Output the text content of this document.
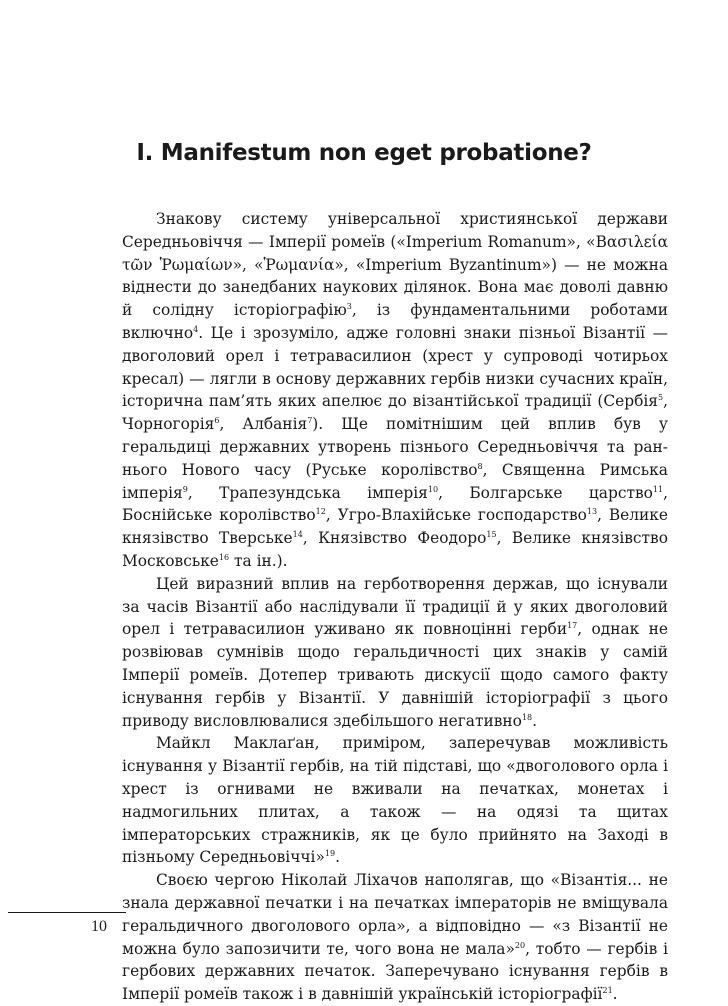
I. Manifestum non eget probatione?

Знакову систему універсальної християнської держави Середньовіччя — Імперії ромеїв («Imperium Romanum», «Βασιλεία τῶν Ῥωμαίων», «Ῥωμανία», «Imperium Byzantinum») — не можна віднести до занедбаних наукових ділянок. Вона має доволі давню й солідну історіографію$^3$, із фундаментальними роботами включно$^4$. Це і зрозуміло, адже головні знаки пізньої Візантії — двоголовий орел і тетравасилион (хрест у супроводі чотирьох кресал) — лягли в основу державних гербів низки сучасних країн, історична пам’ять яких апелює до візантійської традиції (Сербія$^5$, Чорногорія$^6$, Албанія$^7$). Ще помітнішим цей вплив був у геральдиці державних утворень пізнього Середньовіччя та раннього Нового часу (Руське королівство$^8$, Священна Римська імперія$^9$, Трапезундська імперія$^{10}$, Болгарське царство$^{11}$, Боснійське королівство$^{12}$, Угро-Влахійське господарство$^{13}$, Велике князівство Тверське$^{14}$, Князівство Феодоро$^{15}$, Велике князівство Московське$^{16}$ та ін.).

Цей виразний вплив на герботворення держав, що існували за часів Візантії або наслідували її традиції й у яких двоголовий орел і тетравасилион уживано як повноцінні герби$^{17}$, однак не розвіював сумнівів щодо геральдичності цих знаків у самій Імперії ромеїв. Дотепер тривають дискусії щодо самого факту існування гербів у Візантії. У давнішій історіографії з цього приводу висловлювалися здебільшого негативно$^{18}$.

Майкл Маклаґан, приміром, заперечував можливість існування у Візантії гербів, на тій підставі, що «двоголового орла і хрест із огнивами не вживали на печатках, монетах і надмогильних плитах, а також — на одязі та щитах імператорських стражників, як це було прийнято на Заході в пізньому Середньовіччі»$^{19}$.

Своєю чергою Ніколай Ліхачов наполягав, що «Візантія... не знала державної печатки і на печатках імператорів не вміщувала геральдичного двоголового орла», а відповідно — «з Візантії не можна було запозичити те, чого вона не мала»$^{20}$, тобто — гербів і гербових державних печаток. Заперечувано існування гербів в Імперії ромеїв також і в давнішій українській історіографії$^{21}$.

10
